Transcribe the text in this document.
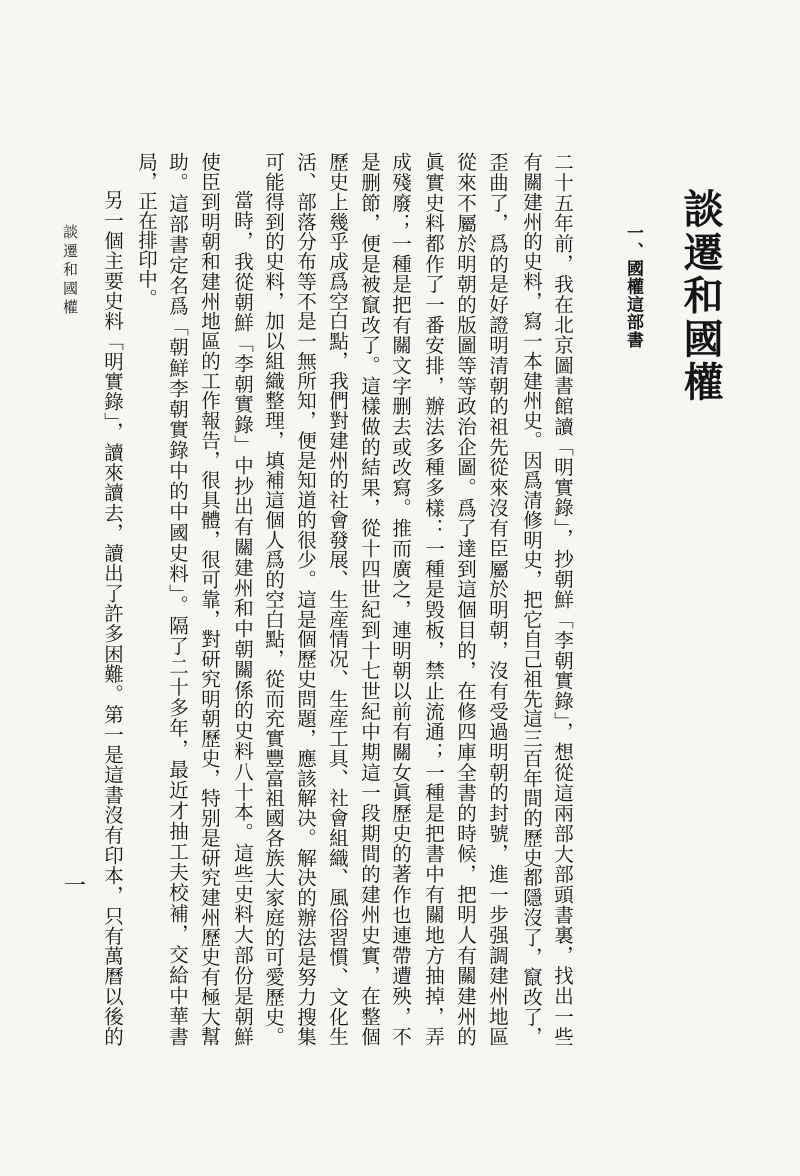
談遷和國權
一、國權這部書
二十五年前，我在北京圖書館讀「明實錄」，抄朝鮮「李朝實錄」，想從這兩部大部頭書裏，找出一些
有關建州的史料，寫一本建州史。因爲清修明史，把它自己祖先這三百年間的歷史都隱沒了，竄改了，
歪曲了，爲的是好證明清朝的祖先從來沒有臣屬於明朝，沒有受過明朝的封號，進一步强調建州地區
從來不屬於明朝的版圖等等政治企圖。爲了達到這個目的，在修四庫全書的時候，把明人有關建州的
眞實史料都作了一番安排，辦法多種多樣：一種是毁板，禁止流通；一種是把書中有關地方抽掉，弄
成殘廢；一種是把有關文字删去或改寫。推而廣之，連明朝以前有關女眞歷史的著作也連帶遭殃，不
是删節，便是被竄改了。這樣做的結果，從十四世紀到十七世紀中期這一段期間的建州史實，在整個
歷史上幾乎成爲空白點，我們對建州的社會發展、生産情况、生産工具、社會組織、風俗習慣、文化生
活、部落分布等不是一無所知，便是知道的很少。這是個歷史問題，應該解决。解决的辦法是努力搜集
可能得到的史料，加以組織整理，填補這個人爲的空白點，從而充實豐富祖國各族大家庭的可愛歷史。
當時，我從朝鮮「李朝實錄」中抄出有關建州和中朝關係的史料八十本。這些史料大部份是朝鮮
使臣到明朝和建州地區的工作報告，很具體，很可靠，對研究明朝歷史，特别是研究建州歷史有極大幫
助。這部書定名爲「朝鮮李朝實錄中的中國史料」。隔了二十多年，最近才抽工夫校補，交給中華書
局，正在排印中。
另一個主要史料「明實錄」，讀來讀去，讀出了許多困難。第一是這書沒有印本，只有萬曆以後的
談遷和國權
一
